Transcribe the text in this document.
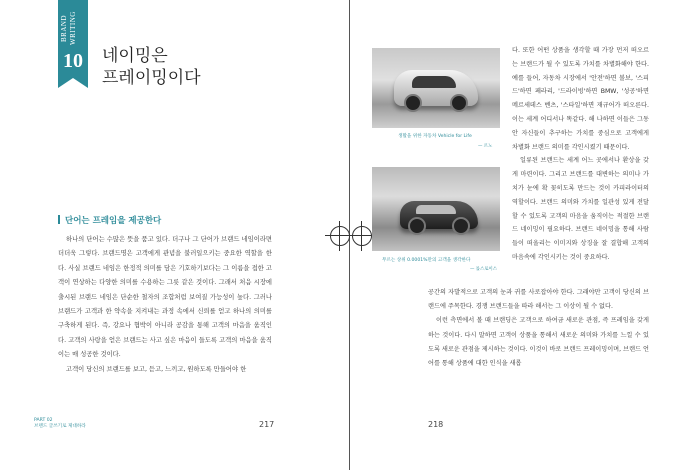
BRAND WRITING
10 네이밍은
프레이밍이다
단어는 프레임을 제공한다

하나의 단어는 수많은 뜻을 품고 있다. 더구나 그 단어가 브랜드 네임이라면 더더욱 그렇다. 브랜드명은 고객에게 관념을 불러일으키는 중요한 역할을 한다. 사실 브랜드 네임은 한정적 의미를 담은 기호하기보다는 그 이름을 접한 고객이 연상하는 다양한 의미를 수용하는 그릇 같은 것이다. 그래서 처음 시장에 출시된 브랜드 네임은 단순한 철자의 조합처럼 보여질 가능성이 높다. 그러나 브랜드가 고객과 한 약속을 지켜내는 과정 속에서 신뢰를 얻고 하나의 의미를 구축하게 된다. 즉, 강요나 협박이 아니라 공감을 통해 고객의 마음을 움직인다. 고객의 사랑을 얻은 브랜드는 사고 싶은 마음이 들도록 고객의 마음을 움직이는 매 성공한 것이다.

고객이 당신의 브랜드를 보고, 듣고, 느끼고, 원하도록 만들어야 한

PART 02
브랜드 글쓰기로 제대하라	217
생활을 위한 자동차 Vehicle for Life
— 르노
무르는 상위 0.0001%만의 고객을 생각한다
— 롤스로이스

다. 또한 어떤 상품을 생각할 때 가장 먼저 떠오르는 브랜드가 될 수 있도록 가치를 차별화해야 한다. 예를 들어, 자동차 시장에서 '안전'하면 볼보, '스피드'하면 페라리, '드라이빙'하면 BMW, '성공'하면 메르세데스 벤츠, '스타일'하면 재규어가 떠오른다. 이는 세계 어디서나 똑같다. 해 나하면 이들은 그동안 자신들이 추구하는 가치를 중심으로 고객에게 차별화 브랜드 의미를 각인시켰기 때문이다.

일류된 브랜드는 세계 어느 곳에서나 환상을 갖게 마련이다. 그리고 브랜드를 대변하는 의미나 가치가 눈에 확 꽂히도록 만드는 것이 카피라이터의 역할이다. 브랜드 의미와 가치를 일관성 있게 전달할 수 있도록 고객의 마음을 움직이는 적절한 브랜드 네이밍이 필요하다. 브랜드 네이밍을 통해 사람들이 떠올리는 이미지와 상징을 잘 결합해 고객의 마음속에 각인시키는 것이 중요하다.

공간의 자발적으로 고객의 눈과 귀를 사로잡아야 한다. 그래야만 고객이 당신의 브랜드에 주목한다. 경쟁 브랜드들을 따라 해서는 그 이상이 될 수 없다.

이런 측면에서 볼 때 브랜딩은 고객으로 하여금 새로운 관점, 즉 프레임을 갖게 하는 것이다. 다시 말하면 고객이 상품을 통해서 새로운 의미와 가치를 느낄 수 있도록 새로운 관점을 제시하는 것이다. 이것이 바로 브랜드 프레이밍이며, 브랜드 언어를 통해 상품에 대한 인식을 새롭

218
